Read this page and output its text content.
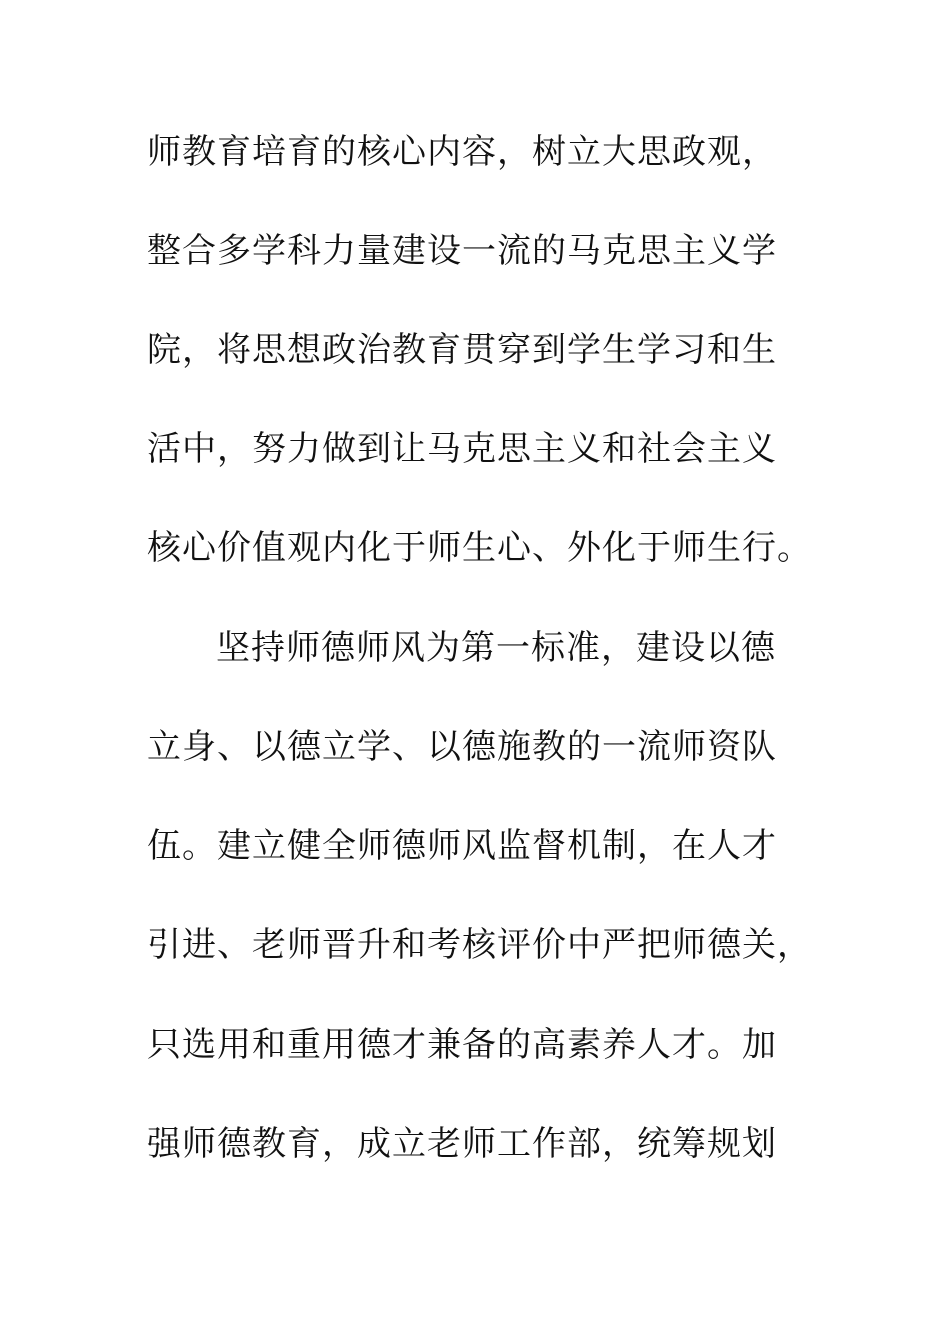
师教育培育的核心内容，树立大思政观，
整合多学科力量建设一流的马克思主义学
院，将思想政治教育贯穿到学生学习和生
活中，努力做到让马克思主义和社会主义
核心价值观内化于师生心、外化于师生行。
坚持师德师风为第一标准，建设以德
立身、以德立学、以德施教的一流师资队
伍。建立健全师德师风监督机制，在人才
引进、老师晋升和考核评价中严把师德关，
只选用和重用德才兼备的高素养人才。加
强师德教育，成立老师工作部，统筹规划
